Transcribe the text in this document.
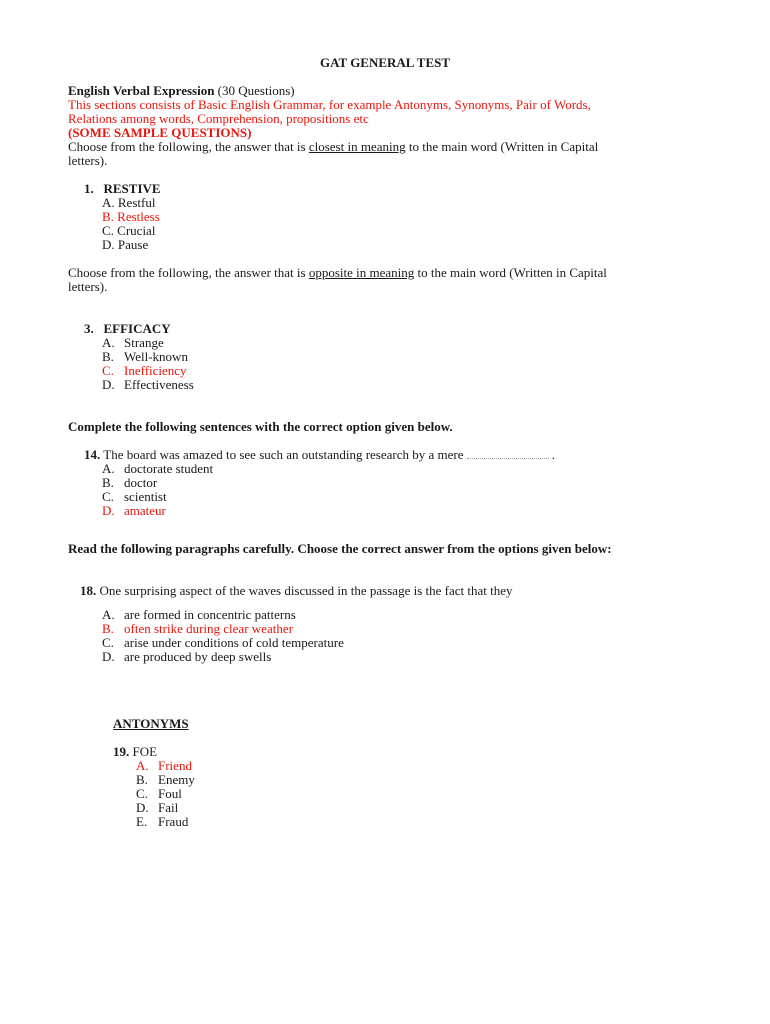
GAT GENERAL TEST
English Verbal Expression (30 Questions)
This sections consists of Basic English Grammar, for example Antonyms, Synonyms, Pair of Words,
Relations among words, Comprehension, propositions etc
(SOME SAMPLE QUESTIONS)
Choose from the following, the answer that is closest in meaning to the main word (Written in Capital
letters).
1. RESTIVE
A. Restful
B. Restless
C. Crucial
D. Pause
Choose from the following, the answer that is opposite in meaning to the main word (Written in Capital
letters).
3. EFFICACY
A. Strange
B. Well-known
C. Inefficiency
D. Effectiveness
Complete the following sentences with the correct option given below.
14. The board was amazed to see such an outstanding research by a mere	.
A. doctorate student
B. doctor
C. scientist
D. amateur
Read the following paragraphs carefully. Choose the correct answer from the options given below:
18. One surprising aspect of the waves discussed in the passage is the fact that they
A. are formed in concentric patterns
B. often strike during clear weather
C. arise under conditions of cold temperature
D. are produced by deep swells
ANTONYMS
19. FOE
A. Friend
B. Enemy
C. Foul
D. Fail
E. Fraud
